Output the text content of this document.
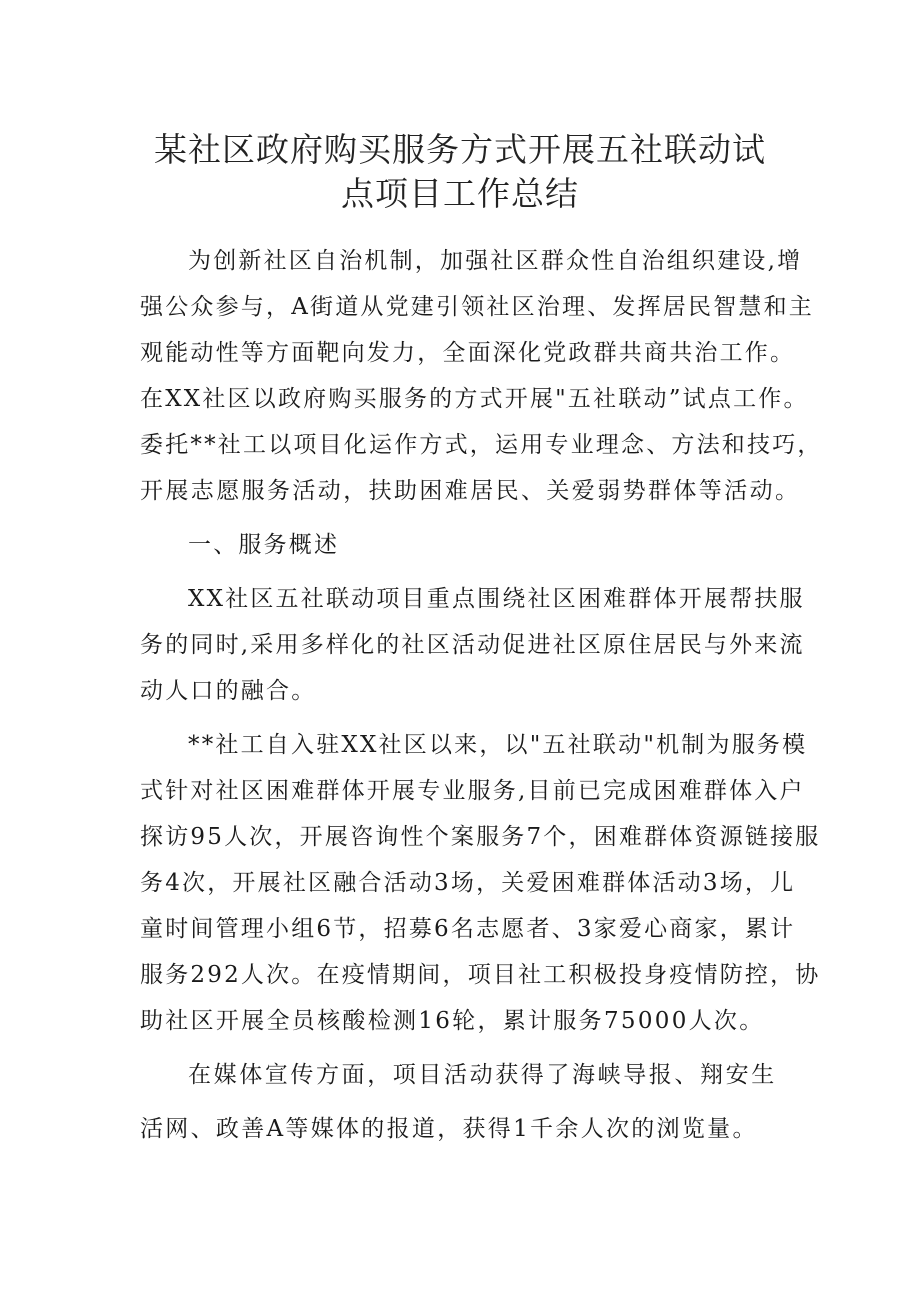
某社区政府购买服务方式开展五社联动试
点项目工作总结
为创新社区自治机制，加强社区群众性自治组织建设,增
强公众参与，A街道从党建引领社区治理、发挥居民智慧和主
观能动性等方面靶向发力，全面深化党政群共商共治工作。
在XX社区以政府购买服务的方式开展"五社联动”试点工作。
委托**社工以项目化运作方式，运用专业理念、方法和技巧，
开展志愿服务活动，扶助困难居民、关爱弱势群体等活动。
一、服务概述
XX社区五社联动项目重点围绕社区困难群体开展帮扶服
务的同时,采用多样化的社区活动促进社区原住居民与外来流
动人口的融合。
**社工自入驻XX社区以来，以"五社联动"机制为服务模
式针对社区困难群体开展专业服务,目前已完成困难群体入户
探访95人次，开展咨询性个案服务7个，困难群体资源链接服
务4次，开展社区融合活动3场，关爱困难群体活动3场，儿
童时间管理小组6节，招募6名志愿者、3家爱心商家，累计
服务292人次。在疫情期间，项目社工积极投身疫情防控，协
助社区开展全员核酸检测16轮，累计服务75000人次。
在媒体宣传方面，项目活动获得了海峡导报、翔安生
活网、政善A等媒体的报道，获得1千余人次的浏览量。
